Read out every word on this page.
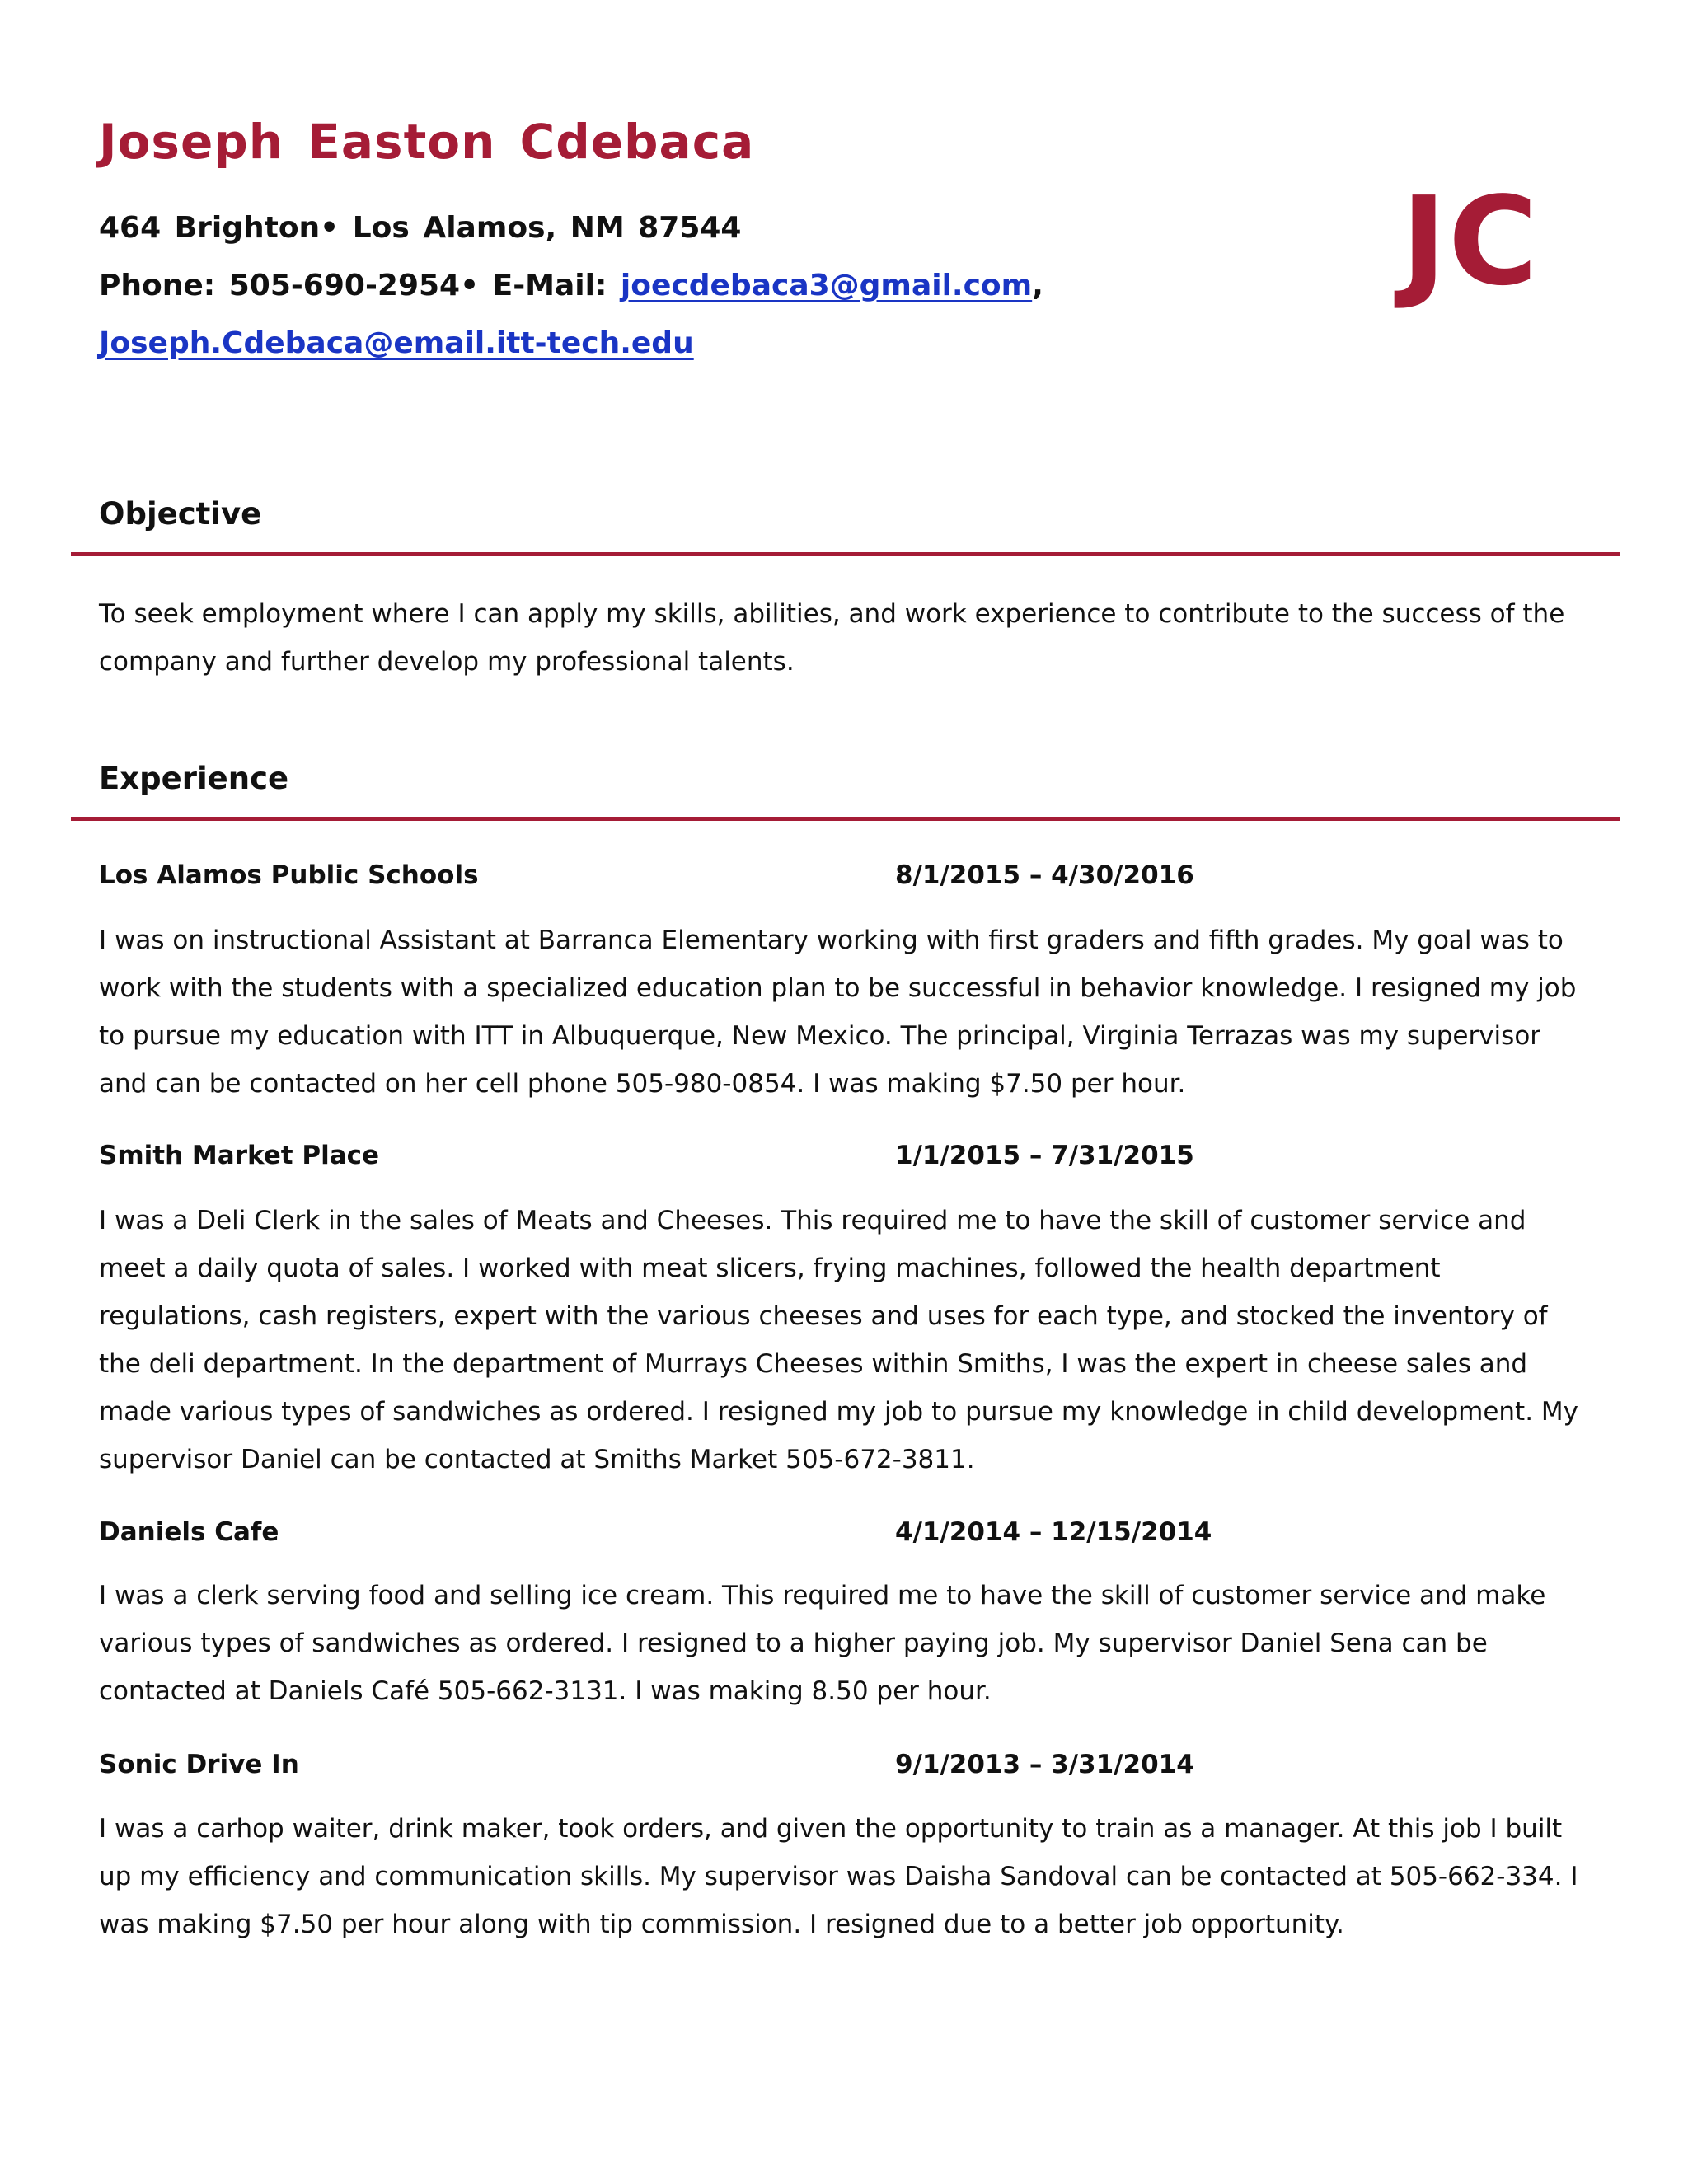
Joseph Easton Cdebaca
464 Brighton• Los Alamos, NM 87544
Phone: 505-690-2954• E-Mail: joecdebaca3@gmail.com,
Joseph.Cdebaca@email.itt-tech.edu
JC
Objective

To seek employment where I can apply my skills, abilities, and work experience to contribute to the success of the company and further develop my professional talents.

Experience
Los Alamos Public Schools	8/1/2015 – 4/30/2016

I was on instructional Assistant at Barranca Elementary working with first graders and fifth grades. My goal was to work with the students with a specialized education plan to be successful in behavior knowledge. I resigned my job to pursue my education with ITT in Albuquerque, New Mexico. The principal, Virginia Terrazas was my supervisor and can be contacted on her cell phone 505-980-0854. I was making $7.50 per hour.

Smith Market Place	1/1/2015 – 7/31/2015

I was a Deli Clerk in the sales of Meats and Cheeses. This required me to have the skill of customer service and meet a daily quota of sales. I worked with meat slicers, frying machines, followed the health department regulations, cash registers, expert with the various cheeses and uses for each type, and stocked the inventory of the deli department. In the department of Murrays Cheeses within Smiths, I was the expert in cheese sales and made various types of sandwiches as ordered. I resigned my job to pursue my knowledge in child development. My supervisor Daniel can be contacted at Smiths Market 505-672-3811.

Daniels Cafe	4/1/2014 – 12/15/2014

I was a clerk serving food and selling ice cream. This required me to have the skill of customer service and make various types of sandwiches as ordered. I resigned to a higher paying job. My supervisor Daniel Sena can be contacted at Daniels Café 505-662-3131. I was making 8.50 per hour.

Sonic Drive In	9/1/2013 – 3/31/2014

I was a carhop waiter, drink maker, took orders, and given the opportunity to train as a manager. At this job I built up my efficiency and communication skills. My supervisor was Daisha Sandoval can be contacted at 505-662-334. I was making $7.50 per hour along with tip commission. I resigned due to a better job opportunity.
